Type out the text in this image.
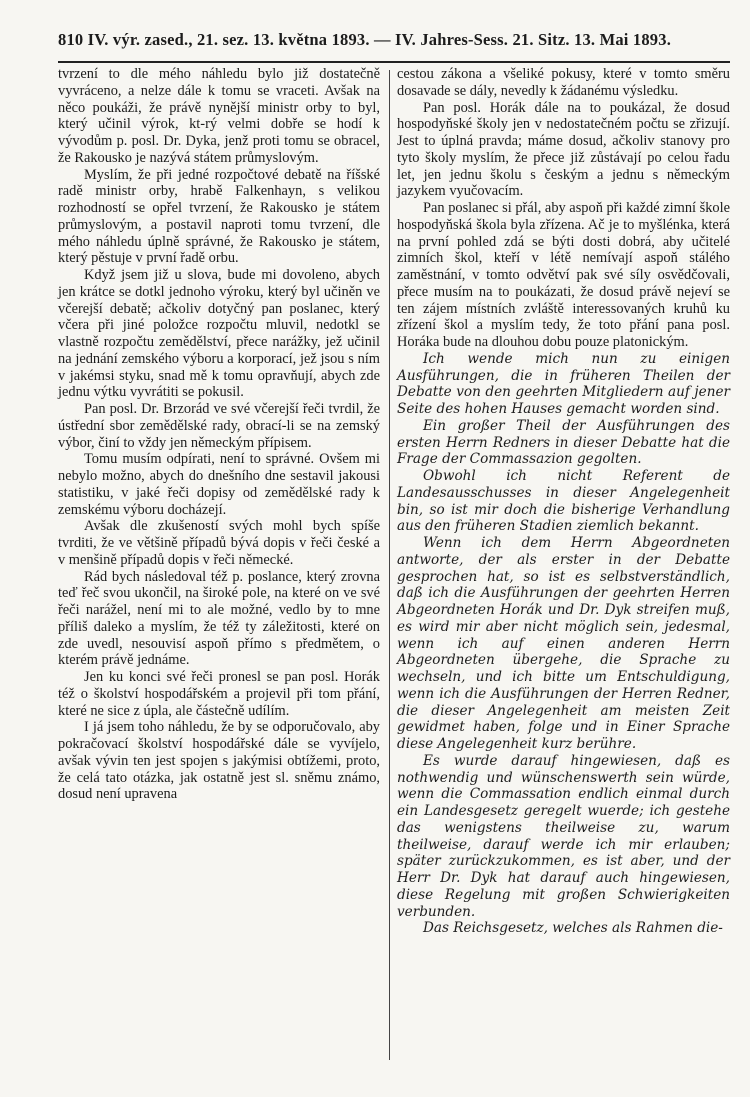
810 IV. výr. zased., 21. sez. 13. května 1893. — IV. Jahres-Sess. 21. Sitz. 13. Mai 1893.

tvrzení to dle mého náhledu bylo již dostatečně vyvráceno, a nelze dále k tomu se vraceti. Avšak na něco poukáži, že právě nynější ministr orby to byl, který učinil výrok, kt-rý velmi dobře se hodí k vývodům p. posl. Dr. Dyka, jenž proti tomu se obracel, že Rakousko je nazývá státem průmyslovým.

Myslím, že při jedné rozpočtové debatě na říšské radě ministr orby, hrabě Falkenhayn, s velikou rozhodností se opřel tvrzení, že Rakousko je státem průmyslovým, a postavil naproti tomu tvrzení, dle mého náhledu úplně správné, že Rakousko je státem, který pěstuje v první řadě orbu.

Když jsem již u slova, bude mi dovoleno, abych jen krátce se dotkl jednoho výroku, který byl učiněn ve včerejší debatě; ačkoliv dotyčný pan poslanec, který včera při jiné položce rozpočtu mluvil, nedotkl se vlastně rozpočtu zemědělství, přece narážky, jež učinil na jednání zemského výboru a korporací, jež jsou s ním v jakémsi styku, snad mě k tomu opravňují, abych zde jednu výtku vyvrátiti se pokusil.

Pan posl. Dr. Brzorád ve své včerejší řeči tvrdil, že ústřední sbor zemědělské rady, obrací-li se na zemský výbor, činí to vždy jen německým přípisem.

Tomu musím odpírati, není to správné. Ovšem mi nebylo možno, abych do dnešního dne sestavil jakousi statistiku, v jaké řeči dopisy od zemědělské rady k zemskému výboru docházejí.

Avšak dle zkušeností svých mohl bych spíše tvrditi, že ve většině případů bývá dopis v řeči české a v menšině případů dopis v řeči německé.

Rád bych následoval též p. poslance, který zrovna teď řeč svou ukončil, na široké pole, na které on ve své řeči narážel, není mi to ale možné, vedlo by to mne příliš daleko a myslím, že též ty záležitosti, které on zde uvedl, nesouvisí aspoň přímo s předmětem, o kterém právě jednáme.

Jen ku konci své řeči pronesl se pan posl. Horák též o školství hospodářském a projevil při tom přání, které ne sice z úpla, ale částečně udílím.

I já jsem toho náhledu, že by se odporučovalo, aby pokračovací školství hospodářské dále se vyvíjelo, avšak vývin ten jest spojen s jakýmisi obtížemi, proto, že celá tato otázka, jak ostatně jest sl. sněmu známo, dosud není upravena

cestou zákona a všeliké pokusy, které v tomto směru dosavade se dály, nevedly k žádanému výsledku.

Pan posl. Horák dále na to poukázal, že dosud hospodyňské školy jen v nedostatečném počtu se zřizují. Jest to úplná pravda; máme dosud, ačkoliv stanovy pro tyto školy myslím, že přece již zůstávají po celou řadu let, jen jednu školu s českým a jednu s německým jazykem vyučovacím.

Pan poslanec si přál, aby aspoň při každé zimní škole hospodyňská škola byla zřízena. Ač je to myšlénka, která na první pohled zdá se býti dosti dobrá, aby učitelé zimních škol, kteří v létě nemívají aspoň stálého zaměstnání, v tomto odvětví pak své síly osvědčovali, přece musím na to poukázati, že dosud právě nejeví se ten zájem místních zvláště interessovaných kruhů ku zřízení škol a myslím tedy, že toto přání pana posl. Horáka bude na dlouhou dobu pouze platonickým.

Ich wende mich nun zu einigen Ausführungen, die in früheren Theilen der Debatte von den geehrten Mitgliedern auf jener Seite des hohen Hauses gemacht worden sind.

Ein großer Theil der Ausführungen des ersten Herrn Redners in dieser Debatte hat die Frage der Commassazion gegolten.

Obwohl ich nicht Referent de Landesausschusses in dieser Angelegenheit bin, so ist mir doch die bisherige Verhandlung aus den früheren Stadien ziemlich bekannt.

Wenn ich dem Herrn Abgeordneten antworte, der als erster in der Debatte gesprochen hat, so ist es selbstverständlich, daß ich die Ausführungen der geehrten Herren Abgeordneten Horák und Dr. Dyk streifen muß, es wird mir aber nicht möglich sein, jedesmal, wenn ich auf einen anderen Herrn Abgeordneten übergehe, die Sprache zu wechseln, und ich bitte um Entschuldigung, wenn ich die Ausführungen der Herren Redner, die dieser Angelegenheit am meisten Zeit gewidmet haben, folge und in Einer Sprache diese Angelegenheit kurz berühre.

Es wurde darauf hingewiesen, daß es nothwendig und wünschenswerth sein würde, wenn die Commassation endlich einmal durch ein Landesgesetz geregelt wuerde; ich gestehe das wenigstens theilweise zu, warum theilweise, darauf werde ich mir erlauben; später zurückzukommen, es ist aber, und der Herr Dr. Dyk hat darauf auch hingewiesen, diese Regelung mit großen Schwierigkeiten verbunden.

Das Reichsgesetz, welches als Rahmen die-
